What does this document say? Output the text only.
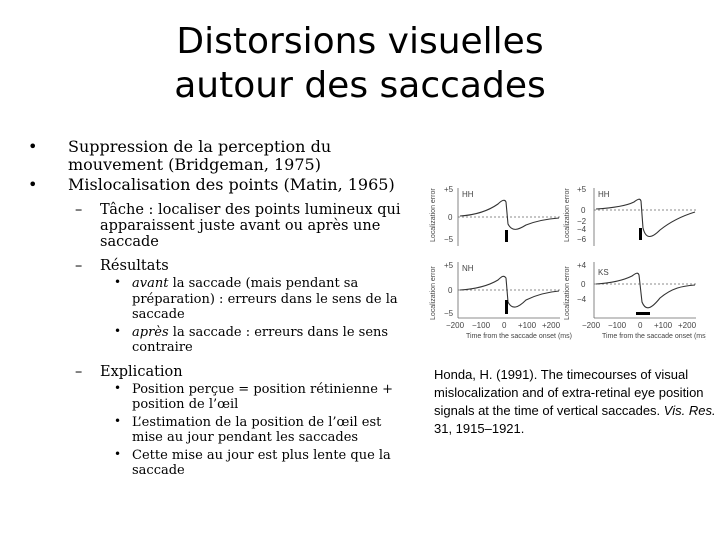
Distorsions visuelles
autour des saccades
•	Suppression de la perception du mouvement (Bridgeman, 1975)
•	Mislocalisation des points (Matin, 1965)
– Tâche : localiser des points lumineux qui apparaissent juste avant ou après une saccade
– Résultats
• avant la saccade (mais pendant sa préparation) : erreurs dans le sens de la saccade
• après la saccade : erreurs dans le sens contraire
– Explication
• Position perçue = position rétinienne + position de l’œil
• L’estimation de la position de l’œil est mise au jour pendant les saccades
• Cette mise au jour est plus lente que la saccade
HH	HH
NH	KS
+5
0
−5
+5
0
−5
+5
0
−2
−4
−6
+4
0
−4
−200 −100 0 +100 +200	−200 −100 0 +100 +200
Time from the saccade onset (ms)	Time from the saccade onset (ms)
Localization error
Localization error
Localization error
Localization error
Honda, H. (1991). The timecourses of visual mislocalization and of extra-retinal eye position signals at the time of vertical saccades. Vis. Res. 31, 1915–1921.
